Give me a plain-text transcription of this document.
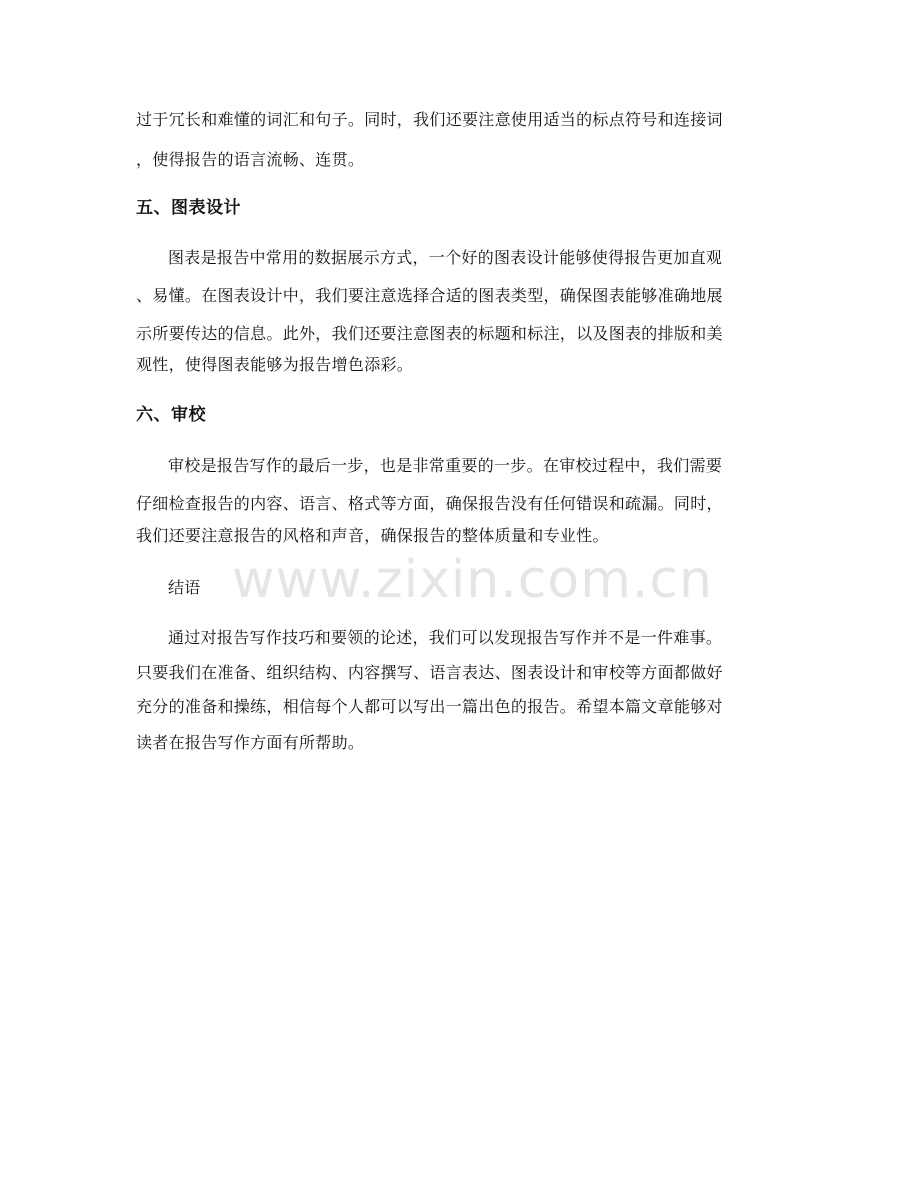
过于冗长和难懂的词汇和句子。同时，我们还要注意使用适当的标点符号和连接词
，使得报告的语言流畅、连贯。
五、图表设计
图表是报告中常用的数据展示方式，一个好的图表设计能够使得报告更加直观
、易懂。在图表设计中，我们要注意选择合适的图表类型，确保图表能够准确地展
示所要传达的信息。此外，我们还要注意图表的标题和标注，以及图表的排版和美
观性，使得图表能够为报告增色添彩。
六、审校
审校是报告写作的最后一步，也是非常重要的一步。在审校过程中，我们需要
仔细检查报告的内容、语言、格式等方面，确保报告没有任何错误和疏漏。同时，
我们还要注意报告的风格和声音，确保报告的整体质量和专业性。
结语
通过对报告写作技巧和要领的论述，我们可以发现报告写作并不是一件难事。
只要我们在准备、组织结构、内容撰写、语言表达、图表设计和审校等方面都做好
充分的准备和操练，相信每个人都可以写出一篇出色的报告。希望本篇文章能够对
读者在报告写作方面有所帮助。
www.zixin.com.cn
